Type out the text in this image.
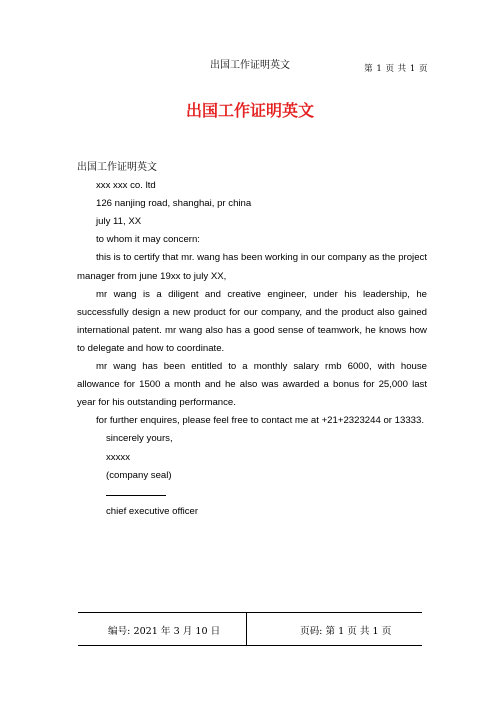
出国工作证明英文	第 1 页 共 1 页
出国工作证明英文
出国工作证明英文
xxx xxx co. ltd
126 nanjing road, shanghai, pr china
july 11, XX
to whom it may concern:
this is to certify that mr. wang has been working in our company as the project manager from june 19xx to july XX,
mr wang is a diligent and creative engineer, under his leadership, he successfully design a new product for our company, and the product also gained international patent. mr wang also has a good sense of teamwork, he knows how to delegate and how to coordinate.
mr wang has been entitled to a monthly salary rmb 6000, with house allowance for 1500 a month and he also was awarded a bonus for 25,000 last year for his outstanding performance.
for further enquires, please feel free to contact me at +21+2323244 or 13333.
sincerely yours,
xxxxx
(company seal)
chief executive officer
编号: 2021 年 3 月 10 日	页码: 第 1 页 共 1 页
